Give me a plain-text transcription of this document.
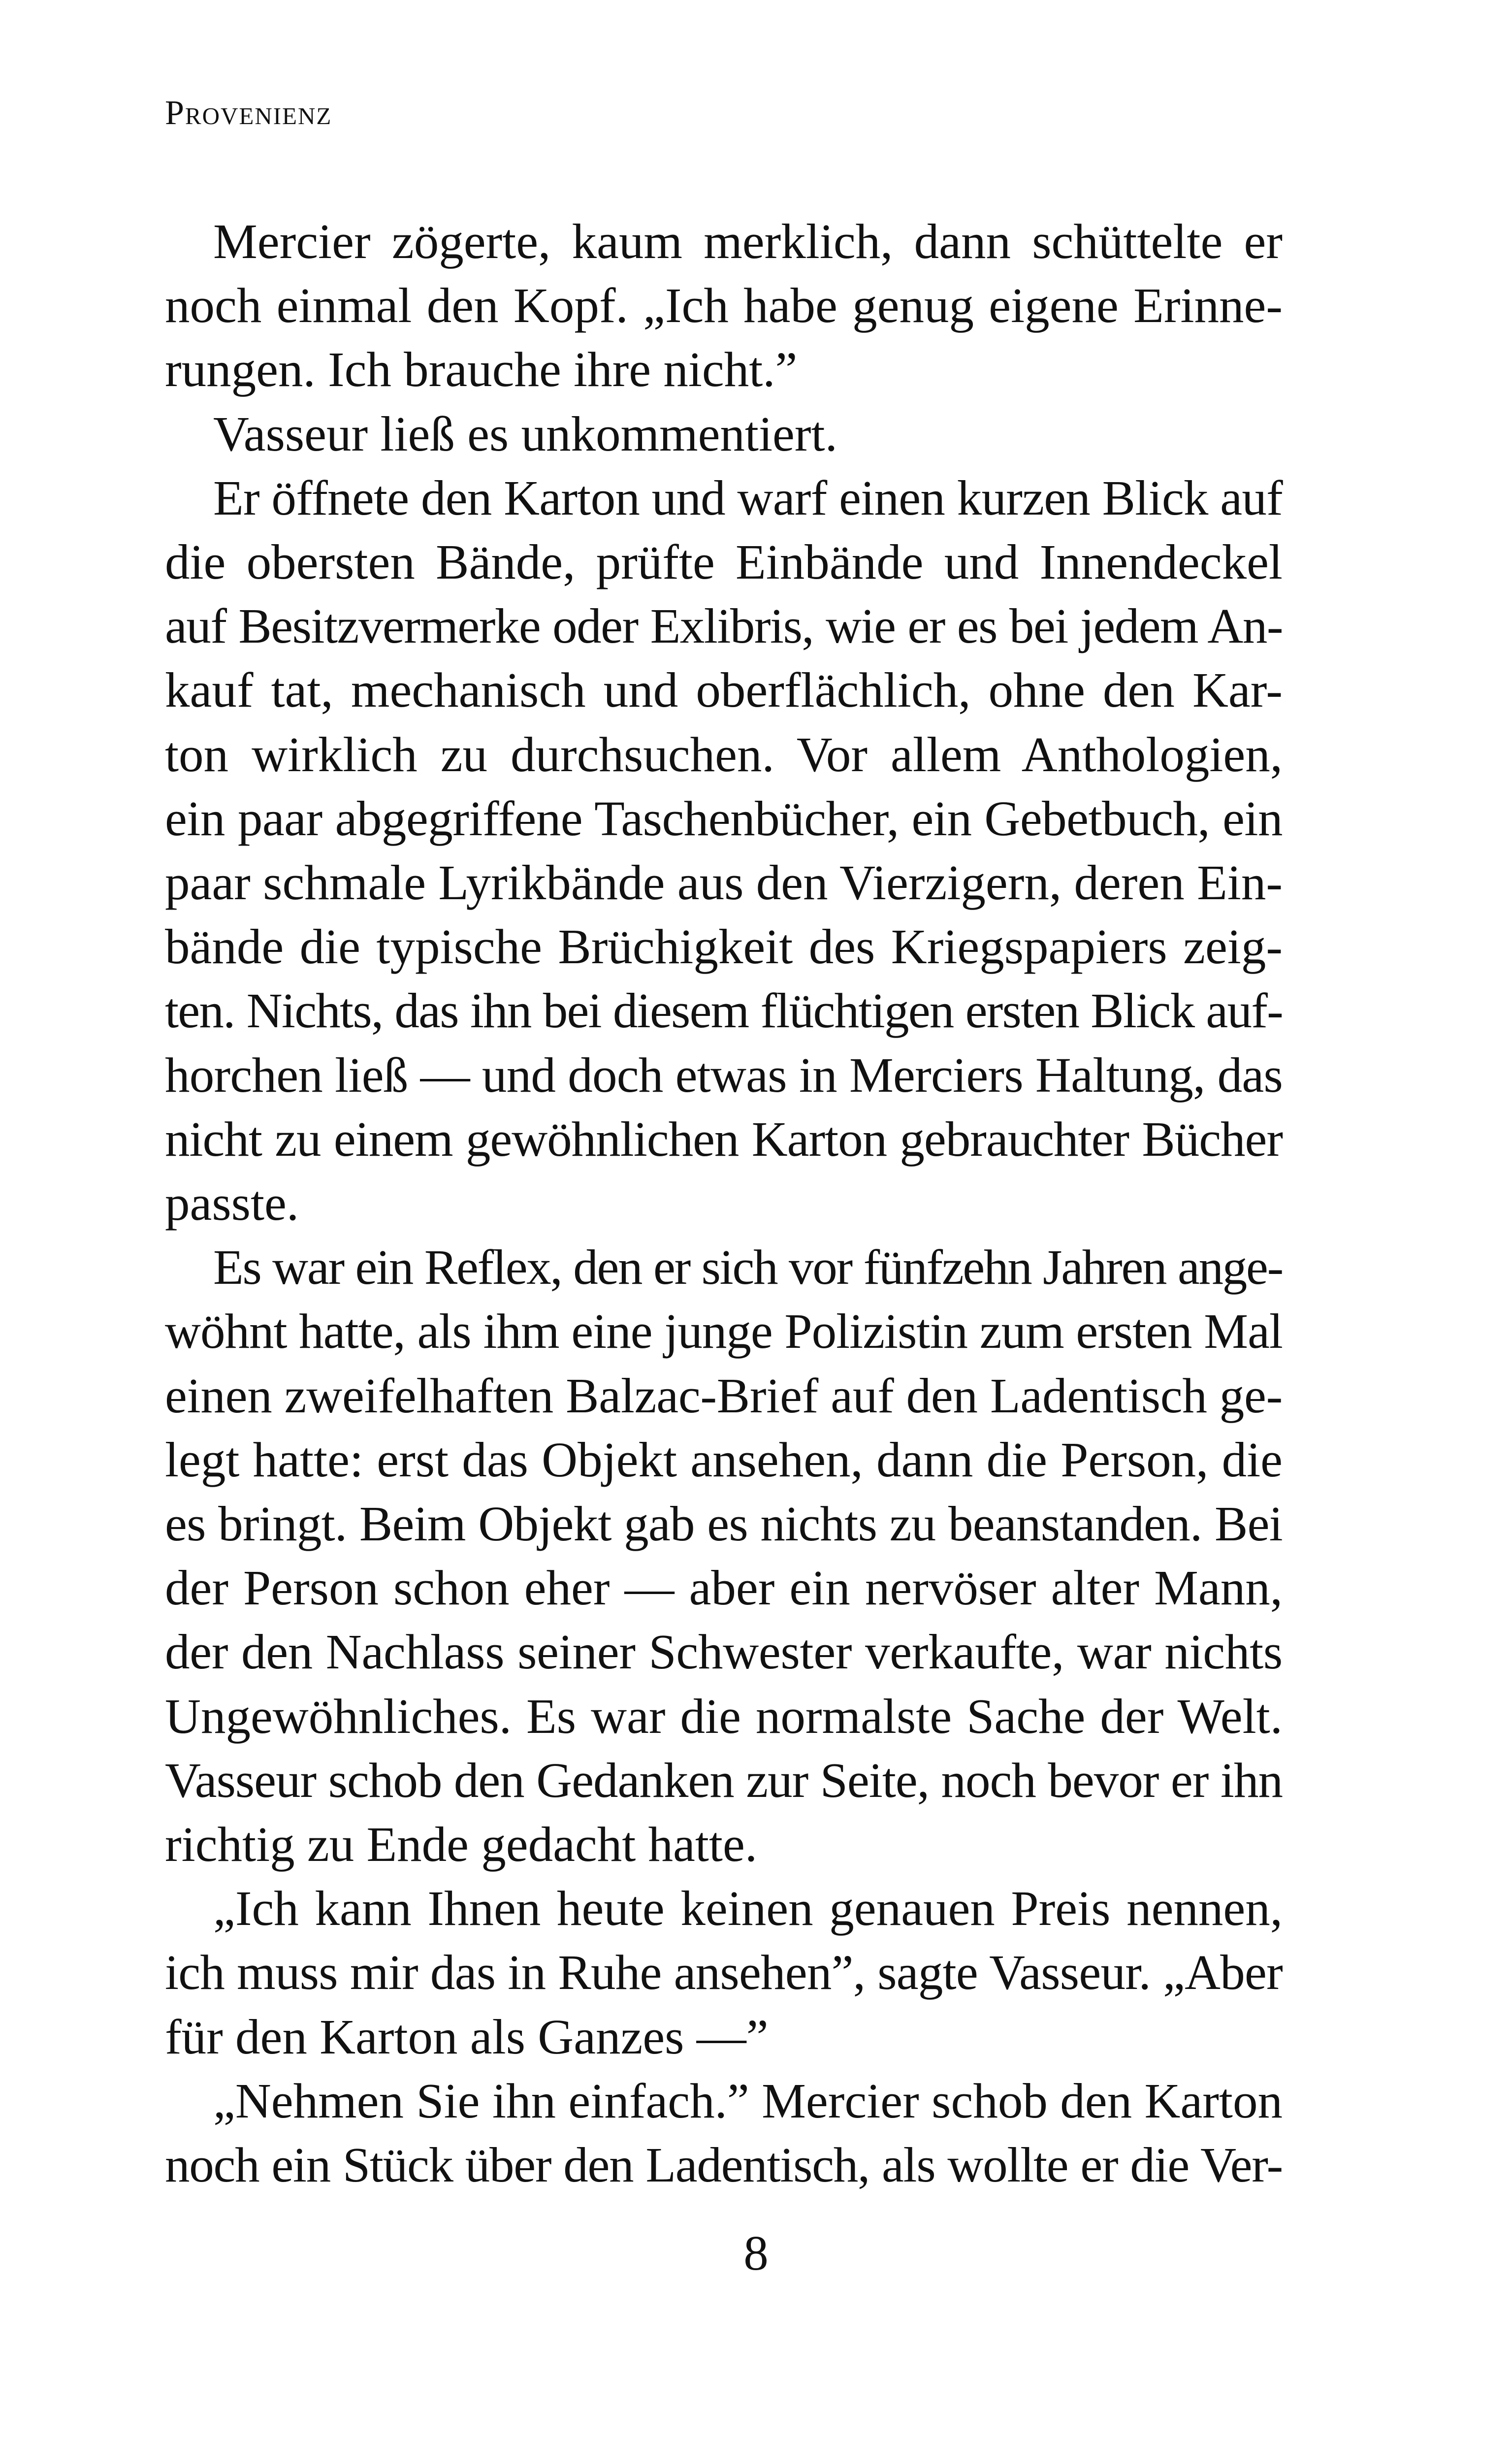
Provenienz

Mercier zögerte, kaum merklich, dann schüttelte er
noch einmal den Kopf. „Ich habe genug eigene Erinne-
rungen. Ich brauche ihre nicht.”

Vasseur ließ es unkommentiert.

Er öffnete den Karton und warf einen kurzen Blick auf
die obersten Bände, prüfte Einbände und Innendeckel
auf Besitzvermerke oder Exlibris, wie er es bei jedem An-
kauf tat, mechanisch und oberflächlich, ohne den Kar-
ton wirklich zu durchsuchen. Vor allem Anthologien,
ein paar abgegriffene Taschenbücher, ein Gebetbuch, ein
paar schmale Lyrikbände aus den Vierzigern, deren Ein-
bände die typische Brüchigkeit des Kriegspapiers zeig-
ten. Nichts, das ihn bei diesem flüchtigen ersten Blick auf-
horchen ließ — und doch etwas in Merciers Haltung, das
nicht zu einem gewöhnlichen Karton gebrauchter Bücher
passte.

Es war ein Reflex, den er sich vor fünfzehn Jahren ange-
wöhnt hatte, als ihm eine junge Polizistin zum ersten Mal
einen zweifelhaften Balzac-Brief auf den Ladentisch ge-
legt hatte: erst das Objekt ansehen, dann die Person, die
es bringt. Beim Objekt gab es nichts zu beanstanden. Bei
der Person schon eher — aber ein nervöser alter Mann,
der den Nachlass seiner Schwester verkaufte, war nichts
Ungewöhnliches. Es war die normalste Sache der Welt.
Vasseur schob den Gedanken zur Seite, noch bevor er ihn
richtig zu Ende gedacht hatte.

„Ich kann Ihnen heute keinen genauen Preis nennen,
ich muss mir das in Ruhe ansehen”, sagte Vasseur. „Aber
für den Karton als Ganzes —”

„Nehmen Sie ihn einfach.” Mercier schob den Karton
noch ein Stück über den Ladentisch, als wollte er die Ver-

8
